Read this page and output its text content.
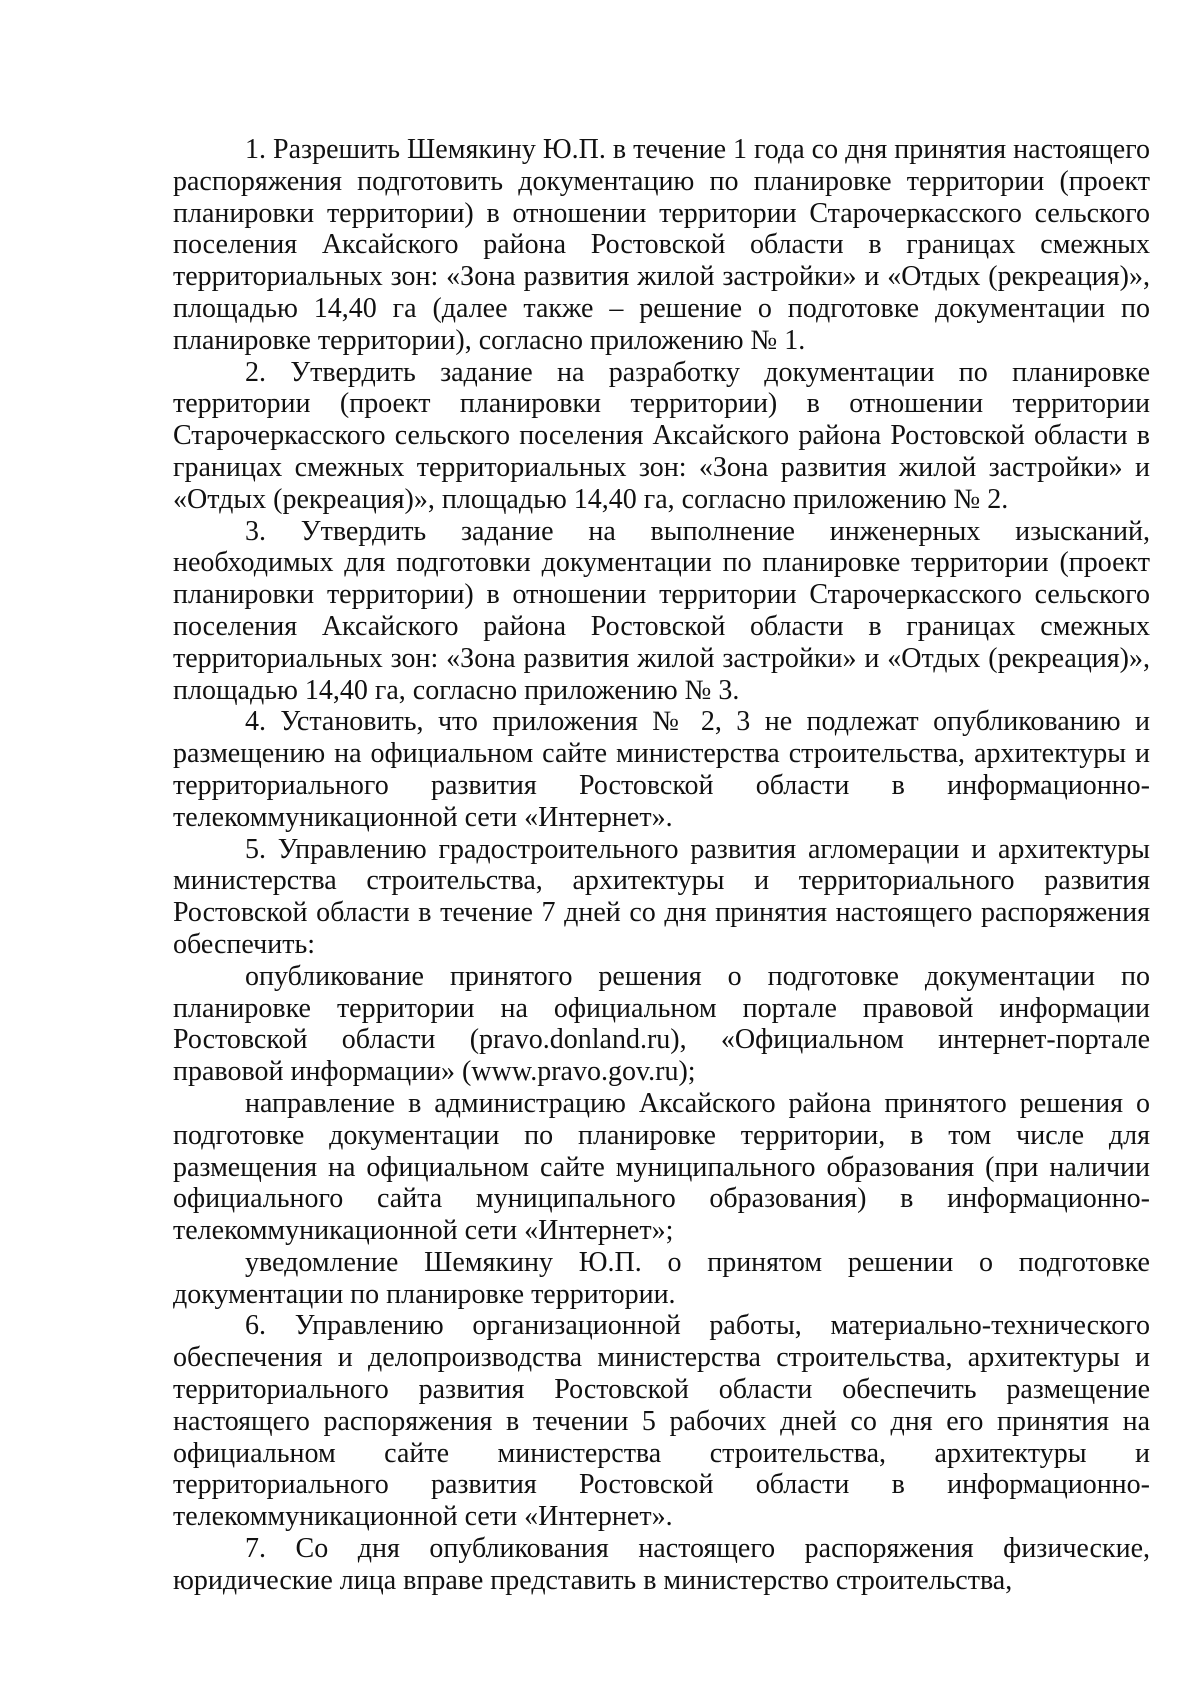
1. Разрешить Шемякину Ю.П. в течение 1 года со дня принятия настоящего распоряжения подготовить документацию по планировке территории (проект планировки территории) в отношении территории Старочеркасского сельского поселения Аксайского района Ростовской области в границах смежных территориальных зон: «Зона развития жилой застройки» и «Отдых (рекреация)», площадью 14,40 га (далее также – решение о подготовке документации по планировке территории), согласно приложению № 1.

2. Утвердить задание на разработку документации по планировке территории (проект планировки территории) в отношении территории Старочеркасского сельского поселения Аксайского района Ростовской области в границах смежных территориальных зон: «Зона развития жилой застройки» и «Отдых (рекреация)», площадью 14,40 га, согласно приложению № 2.

3. Утвердить задание на выполнение инженерных изысканий, необходимых для подготовки документации по планировке территории (проект планировки территории) в отношении территории Старочеркасского сельского поселения Аксайского района Ростовской области в границах смежных территориальных зон: «Зона развития жилой застройки» и «Отдых (рекреация)», площадью 14,40 га, согласно приложению № 3.

4. Установить, что приложения № 2, 3 не подлежат опубликованию и размещению на официальном сайте министерства строительства, архитектуры и территориального развития Ростовской области в информационно-телекоммуникационной сети «Интернет».

5. Управлению градостроительного развития агломерации и архитектуры министерства строительства, архитектуры и территориального развития Ростовской области в течение 7 дней со дня принятия настоящего распоряжения обеспечить:

опубликование принятого решения о подготовке документации по планировке территории на официальном портале правовой информации Ростовской области (pravo.donland.ru), «Официальном интернет-портале правовой информации» (www.pravo.gov.ru);

направление в администрацию Аксайского района принятого решения о подготовке документации по планировке территории, в том числе для размещения на официальном сайте муниципального образования (при наличии официального сайта муниципального образования) в информационно-телекоммуникационной сети «Интернет»;

уведомление Шемякину Ю.П. о принятом решении о подготовке документации по планировке территории.

6. Управлению организационной работы, материально-технического обеспечения и делопроизводства министерства строительства, архитектуры и территориального развития Ростовской области обеспечить размещение настоящего распоряжения в течении 5 рабочих дней со дня его принятия на официальном сайте министерства строительства, архитектуры и территориального развития Ростовской области в информационно-телекоммуникационной сети «Интернет».

7. Со дня опубликования настоящего распоряжения физические, юридические лица вправе представить в министерство строительства,
